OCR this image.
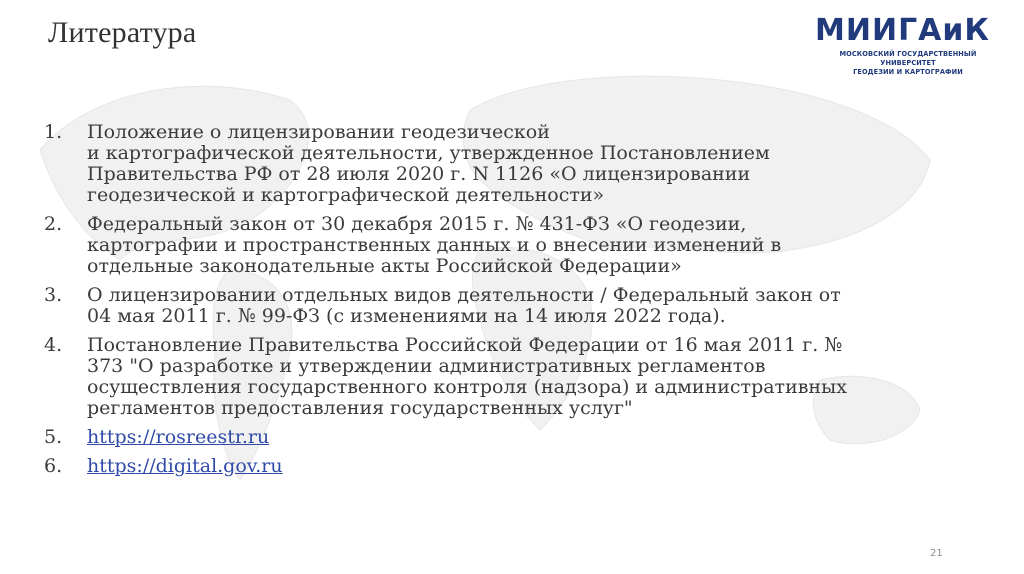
Литература	МИИГАиК
МОСКОВСКИЙ ГОСУДАРСТВЕННЫЙ УНИВЕРСИТЕТ
ГЕОДЕЗИИ И КАРТОГРАФИИ
1.	Положение о лицензировании геодезической
и картографической деятельности, утвержденное Постановлением
Правительства РФ от 28 июля 2020 г. N 1126 «О лицензировании
геодезической и картографической деятельности»
2.	Федеральный закон от 30 декабря 2015 г. № 431-ФЗ «О геодезии,
картографии и пространственных данных и о внесении изменений в
отдельные законодательные акты Российской Федерации»
3.	О лицензировании отдельных видов деятельности / Федеральный закон от
04 мая 2011 г. № 99-ФЗ (с изменениями на 14 июля 2022 года).
4.	Постановление Правительства Российской Федерации от 16 мая 2011 г. №
373 "О разработке и утверждении административных регламентов
осуществления государственного контроля (надзора) и административных
регламентов предоставления государственных услуг"
5.	https://rosreestr.ru
6.	https://digital.gov.ru
21
